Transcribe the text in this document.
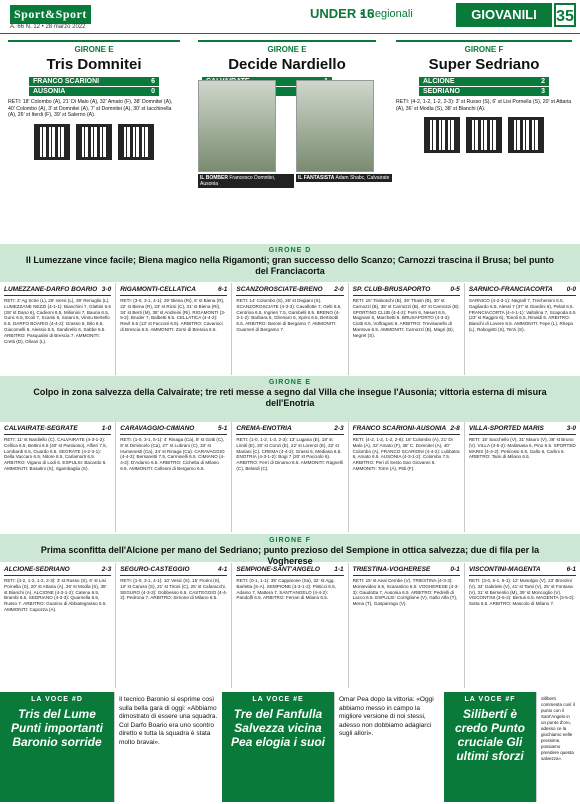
Sport&Sport
A. 66 N. 12 • 28 marzo 2022
UNDER 16
• Regionali	GIOVANILI	35
GIRONE E
Tris Domnitei
FRANCO SCARIONI	6
AUSONIA	0
RETI: 18' Colombo (A), 21' Di Malo (A), 32' Amato (F), 38' Domnitei (A), 40' Colombo (A), 3' st Domnitei (A), 7' st Domnitei (A), 30' st Iacchinella (A), 26' st Iterdi (F), 39' st Salerno (A).
GIRONE E
Decide Nardiello
IL BOMBER Francesco Domnitei, Ausonia
IL FANTASISTA Adam Shabc, Calvairate
GIRONE F
Super Sedriano
ALCIONE	2
SEDRIANO	3
RETI: (4-2, 1-2, 1-2, 2-3): 3' st Russo (S), 6' st Lisi Pornella (S), 20' st Attaria (A), 36' st Modla (S), 38' st Blanchi (A).
GIRONE D
Il Lumezzane vince facile; Biena magico nella Rigamonti; gran successo dello Scanzo; Carnozzi trascina il Brusa; bel punto del Franciacorta
LUMEZZANE-DARFO BOARIO 3-0
RETI: 3' Ag Scrie (L), 26' Iversi (L), 39' Renuglio (L). LUMEZZANE NEZZI (4-1-1): Bianchini 7, Glattini 6.5 (28' st Dano 6), Cadeoni 6.5, Milionini 7, Bauria 6.5, Gunc 6.5, Ecoli 7, Scarisi 6, Sotani 6, Vinnu Bertello 6.5. DARFO BOARIO (4-4-2): Grasso 6, Bilo 6.5, Giacomelli 6, Alessio 6.5, Sandirello 6, Sabbe 6.5. ARBITRO: Pasqualini di Brescia 7. AMMONITI: Cretti (D), Olivari (L).
RIGAMONTI-CELLATICA	6-1
RETI: (3-0, 3-1, 4-1): 29' Biena (Ri), 6' st Biena (R), 22' st Biena (R), 33' st Ricsi (C), 31' st Biena (Ri), 34' st Berti (M), 38' st Andreini (Ri). RIGAMONTI (3-5-2): Bruder 7, Balbetti 6.5. CELLATICA (4-4-2): Revil 6.5 (13' st Facconi 6.5). ARBITRO: Cavarioci di Brescia 6.5. AMMONITI: Zorni di Brescia 6.5.
SCANZOROSCIATE-BRENO 2-0
RETI: 14' Colombo (S), 36' st Degiani (S). SCANZOROSCIATE (4-3-3): Cavallotte 7, Gelti 6.5, Centrina 6.5, Ingrieri 7.5, Gambelli 6.5. BRENO (4-3-1-2): Barbara 6, Ghenaro 6, Sprini 6.5, Bertinotti 6.5. ARBITRO: Baroni di Bergamo 7. AMMONITI: Guarneri di Bergamo 7.
SP. CLUB-BRUSAPORTO	0-5
RETI: 15' Tiraboschi (B), 39' Thaim (B), 30' st Carnozzi (B), 35' st Carnozzi (B), 40' st Carnozzi (B). SPORTING CLUB (4-4-2): Ferri 6, Nesert 6.5, Magnani 6, Marchetti 6. BRUSAPORTO (4-3-3): Ciotti 6.5, Volfragosi 6. ARBITRO: Trevisanello di Mantova 6.5. AMMONITI: Carnozzi (B), Magri (B), Negret (S).
SARNICO-FRANCIACORTA 0-0
SARNICO (4-2-3-1): Negrall 7, Trechemini 6.5, Gagliardo 6.5, Alessi 7 (37' st Giardini 6), Pelati 6.5. FRANCIACORTA (4-4-1-1): Valtolina 7, Scapoda 6.5 (23' st Raggini 6), Tonoli 6.5, Rinaldi 6. ARBITRO: Bianchi di Lovere 6.5. AMMONITI: Fepe (L), Rhepa (L), Rabogetti (S), Terzi (S).
GIRONE E
Colpo in zona salvezza della Calvairate; tre reti messe a segno dal Villa che insegue l'Ausonia; vittoria esterna di misura dell'Enotria
CALVAIRATE-SEGRATE	1-0
RETI: 11' st Nardiello (C). CALVAIRATE (4-3-1-2): Cellica 6.5, Bettini 6.5 (40' st Pantuoso), Alfieri 7.5, Lombardi 6.5, Guardo 6.5. SEGRATE (4-2-3-1): Della Vaccaro 6.5, Nitore 6.5, Carlamorti 6.5. ARBITRO: Vigano di Lodi 6. ESPULSI: Bacardo 6. AMMONITI: Bosatini (S), Sgambaglia (S).
CARAVAGGIO-CIMIANO	5-1
RETI: (1-0, 3-1, 5-1): 4' Rinaga (Ca), 8' st Gotti (C), 8' st Dimiscelo (Ca), 27' st Lubrani (C), 33' st Humenesti (Ca), 34' st Rinaga (Ca). CARAVAGGIO (4-4-3): Bersanetti 7.5, Carminelli 6.5. CIMIANO (4-4-2): D'Adamo 6.5. ARBITRO: Cichelta di Milano 6.5. AMMONITI: Colleoni di Bergamo 6.5.
CREMA-ENOTRIA	2-3
RETI: (1-0, 1-2, 1-3, 2-3): 13' Lugana (E), 18' st Limiti (E), 20' st Conzi (E), 22' st Lorenzi (E), 32' st Mariani (C). CREMA (4-4-2): Grassi 6, Mediasa 6.5. ENOTRIA (4-3-1-2): Bogi 7 (20' st Pacciolo 6). ARBITRO: Ferri di Dinamo 6.5. AMMONITI: Ragnelli (C), Belardi (C).
FRANCO SCARIONI-AUSONIA 2-8
RETI: (4-2, 1-2, 1-2, 2-8): 18' Colombo (A), 21' Di Malo (A), 32' Amato (F), 38' C. Domnitei (A), 40' Colombo (A). FRANCO SCARIONI (4-4-2): Lubbatra 6, Amato 6.5. AUSONIA (4-3-1-2): Colombo 7.5. ARBITRO: Peri di Sesto San Giovanni 6. AMMONITI: Torre (A), Pitti (F).
VILLA-SPORTED MARIS	3-0
RETI: 15' Sacchello (V), 31' Mauro (V), 36' st Bruno (V). VILLA (3-5-2): Malissasa 6, Pino 6.5. SPORTED MARIS (4-4-2): Peticossi 6.5, Gallo 6, Carlini 6. ARBITRO: Tami di Milano 6.5.
GIRONE F
Prima sconfitta dell'Alcione per mano del Sedriano; punto prezioso del Sempione in ottica salvezza; due di fila per la Vogherese
ALCIONE-SEDRIANO	2-3
RETI: (4-2, 1-2, 1-2, 2-3): 3' st Russo (S), 6' st Lisi Pornella (S), 20' st Attaria (A), 36' st Modla (S), 38' st Bianchi (A). ALCIONE (4-3-1-2): Catena 6.5, Brambi 6.5. SEDRIANO (4-3-3): Quarnella 6.5, Russo 7. ARBITRO: Guarino di Abbiategrasso 6.5. AMMONITI: Capozza (A).
SEGURO-CASTEGGIO	4-1
RETI: (1-0, 3-1, 4-1): 10' Vesic (S), 15' Fiorini (S), 10' st Caruso (S), 21' st Tironi (C), 25' st Cafaracchi. SEGURO (4-3-3): Gobbesso 6.5. CASTEGGIO (4-4-2): Pedrona 7. ARBITRO: Simone di Milano 6.5.
SEMPIONE-SANT'ANGELO 1-1
RETI: (0-1, 1-1): 35' Capparone (Sa), 32' st Agg. Barletta (S-A). SEMPIONE (4-3-1-2): Pisticci 6.5, Adamo 7, Mattera 7. SANT'ANGELO (4-4-2): Pandolfi 6.5. ARBITRO: Ferrari di Milano 6.5.
TRIESTINA-VOGHERESE	0-1
RETI: 15' st Aeal Cembe (V). TRIESTINA (4-3-3): Montevideo 6.5, Scarantino 6.5. VOGHERESE (4-3-3): Gaudotta 7, Ausonia 6.5. ARBITRO: Pedrelli di Lacco 6.5. ESPULSI: Corriglione (V), Gallo Alfa (T), Mena (T), Gasparrago (V).
VISCONTINI-MAGENTA	6-1
RETI: (3-0, 5-1, 6-1): 12' Musolgio (V), 23' Bronzini (V), 34' Gabriele (V), 41' st Tanti (V), 25' st Fontana (V), 31' st Bersenlio (M), 39' st Moncoglio (V). VISCONTINI (3-5-2): Bertus 6.5. MAGENTA (3-5-2): Sotta 6.5. ARBITRO: Mascolo di Milano 7.
LA VOCE #D
Tris del Lume Punti importanti Baronio sorride
Il tecnico Baronio si esprime così sulla bella gara di oggi: «Abbiamo dimostrato di essere una squadra. Col Darfo Boario era uno scontro diretto e tutta la squadra è stata molto bravai».
LA VOCE #E
Tre del Fanfulla Salvezza vicina Pea elogia i suoi
Omar Pea dopo la vittoria: «Oggi abbiamo messo in campo la migliore versione di noi stessi, adesso non dobbiamo adagiarci sugli allori».
LA VOCE #F
Silibertí è credo Punto cruciale Gli ultimi sforzi
Sillberti commenta così il punto con il Sant'Angelo in un punto d'oro, adesso ce la giochiamo nelle prossime, possiamo prendere questa salvezza».
